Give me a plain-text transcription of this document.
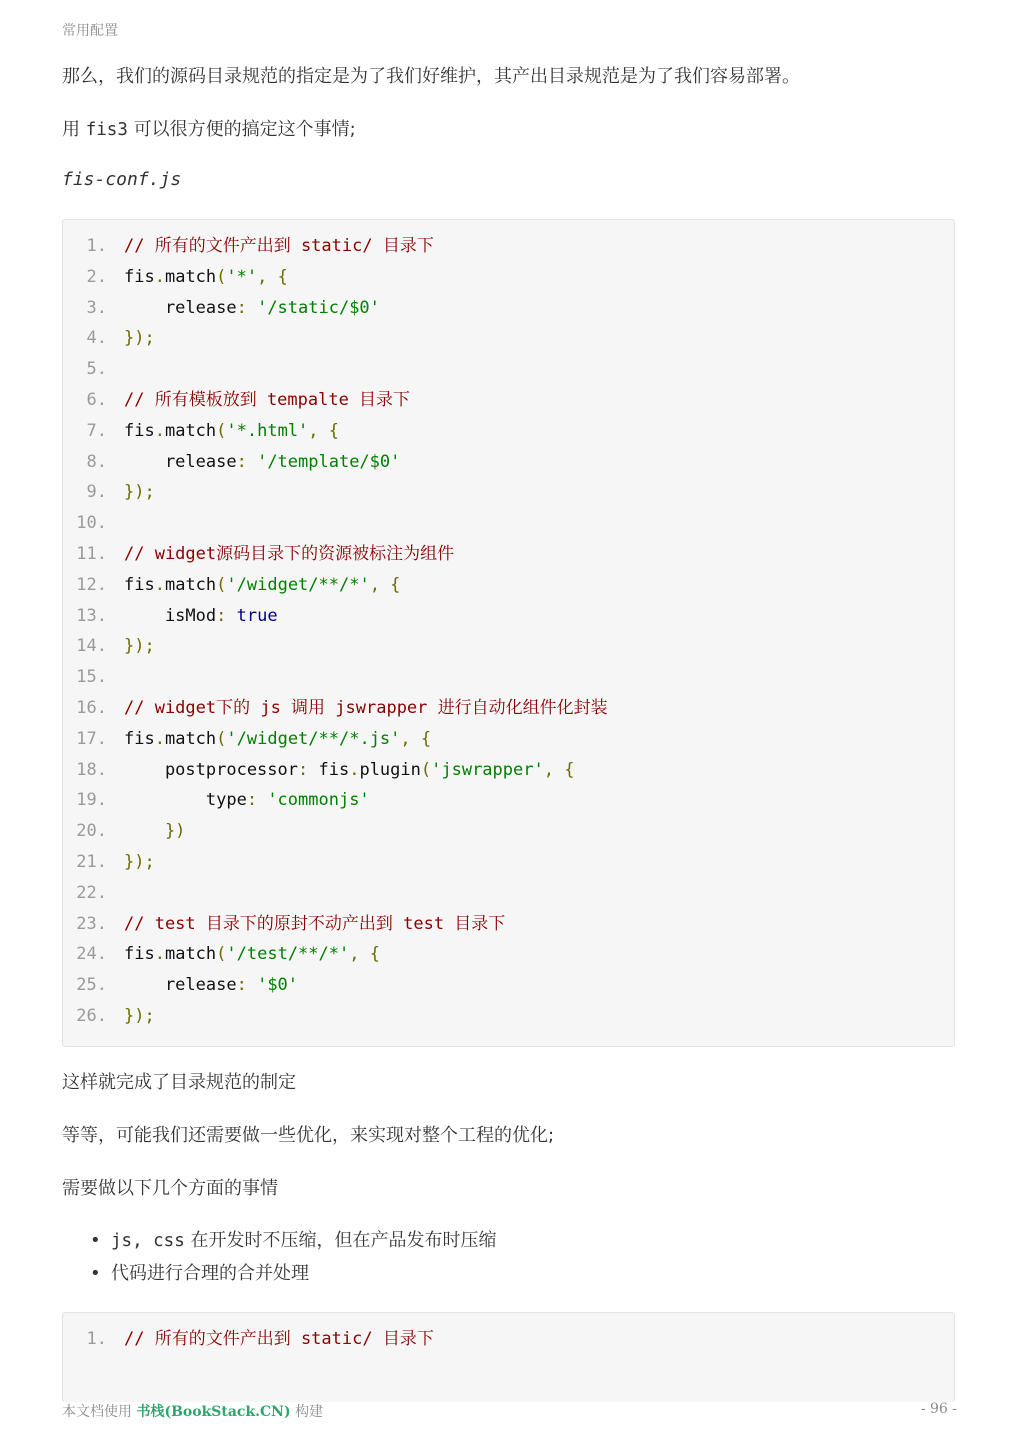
常用配置
那么，我们的源码目录规范的指定是为了我们好维护，其产出目录规范是为了我们容易部署。
用 fis3 可以很方便的搞定这个事情;
fis-conf.js
1. // 所有的文件产出到 static/ 目录下
2. fis.match('*', {
3.    release: '/static/$0'
4. });
5.
6. // 所有模板放到 tempalte 目录下
7. fis.match('*.html', {
8.    release: '/template/$0'
9. });
10.
11. // widget源码目录下的资源被标注为组件
12. fis.match('/widget/**/*', {
13.    isMod: true
14. });
15.
16. // widget下的 js 调用 jswrapper 进行自动化组件化封装
17. fis.match('/widget/**/*.js', {
18.    postprocessor: fis.plugin('jswrapper', {
19.        type: 'commonjs'
20.    })
21. });
22.
23. // test 目录下的原封不动产出到 test 目录下
24. fis.match('/test/**/*', {
25.    release: '$0'
26. });
这样就完成了目录规范的制定
等等，可能我们还需要做一些优化，来实现对整个工程的优化;
需要做以下几个方面的事情
• js, css 在开发时不压缩，但在产品发布时压缩
• 代码进行合理的合并处理
1. // 所有的文件产出到 static/ 目录下
本文档使用 书栈(BookStack.CN) 构建	- 96 -
